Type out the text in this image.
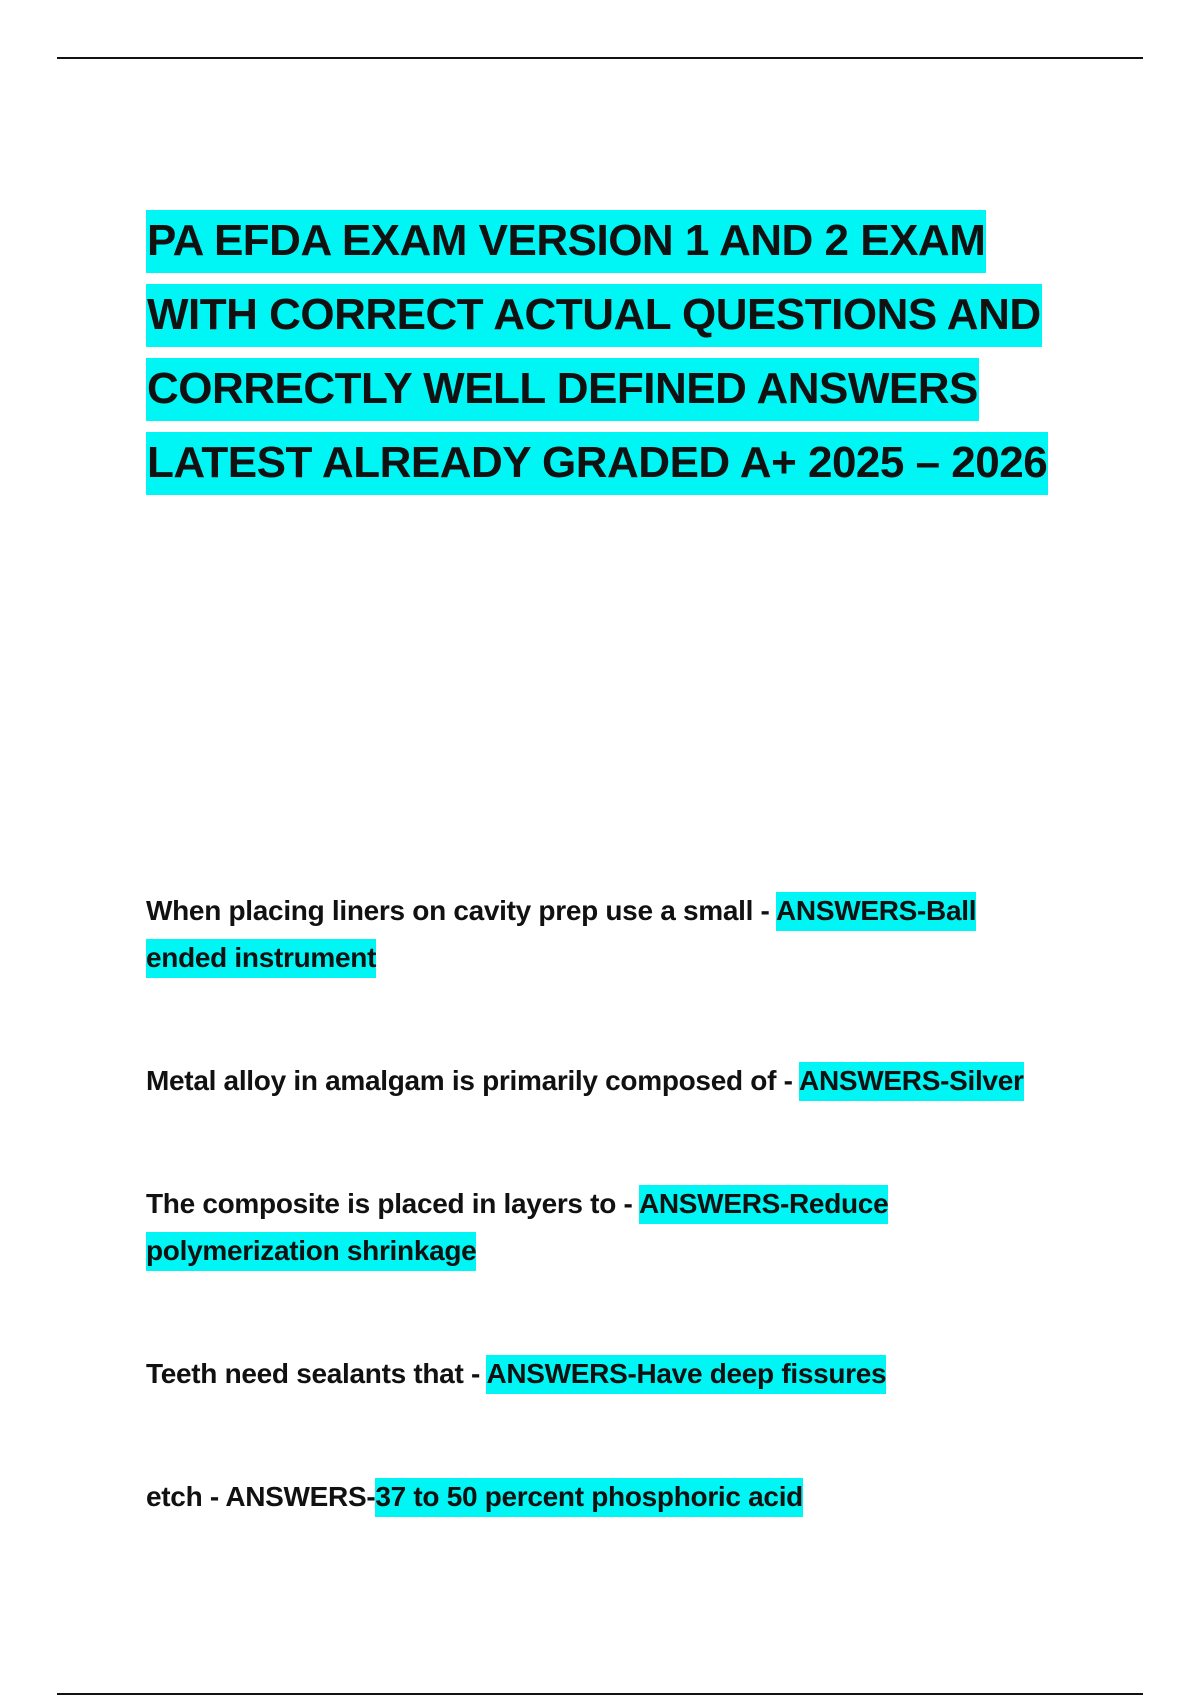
PA EFDA EXAM VERSION 1 AND 2 EXAM
WITH CORRECT ACTUAL QUESTIONS AND
CORRECTLY WELL DEFINED ANSWERS
LATEST ALREADY GRADED A+ 2025 – 2026

When placing liners on cavity prep use a small - ANSWERS-Ball
ended instrument

Metal alloy in amalgam is primarily composed of - ANSWERS-Silver

The composite is placed in layers to - ANSWERS-Reduce
polymerization shrinkage

Teeth need sealants that - ANSWERS-Have deep fissures

etch - ANSWERS-37 to 50 percent phosphoric acid
